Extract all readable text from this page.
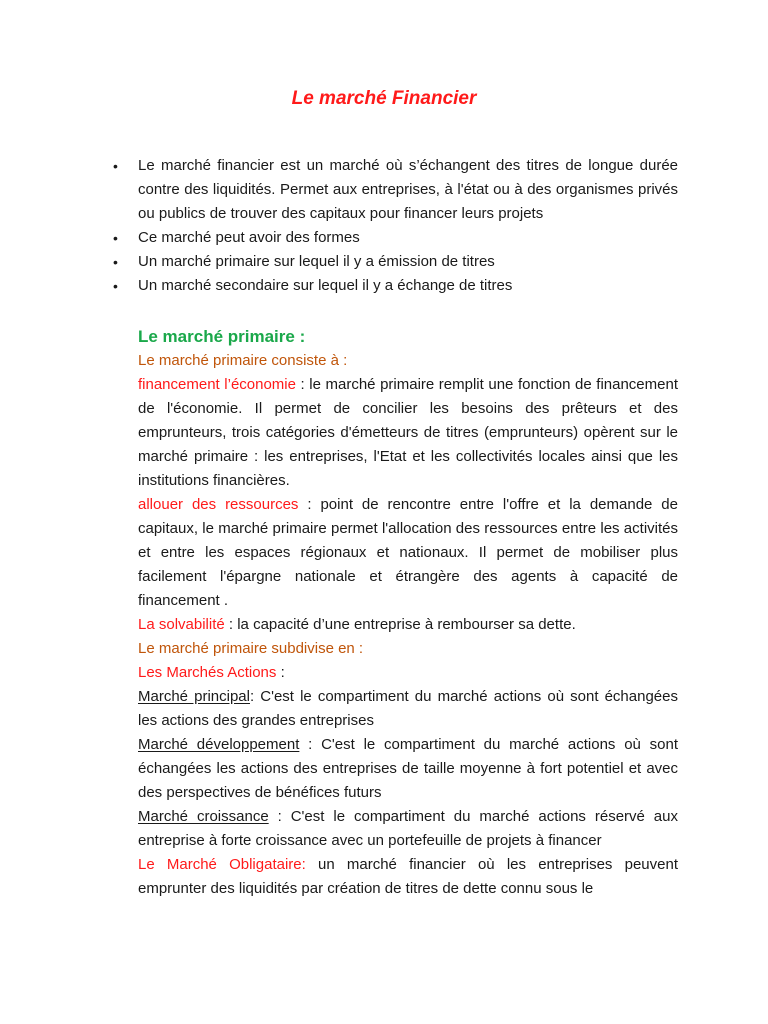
Le marché Financier
• Le marché financier est un marché où s’échangent des titres de longue durée contre des liquidités. Permet aux entreprises, à l'état ou à des organismes privés ou publics de trouver des capitaux pour financer leurs projets
• Ce marché peut avoir des formes
• Un marché primaire sur lequel il y a émission de titres
• Un marché secondaire sur lequel il y a échange de titres

Le marché primaire :

Le marché primaire consiste à :

financement l’économie : le marché primaire remplit une fonction de financement de l'économie. Il permet de concilier les besoins des prêteurs et des emprunteurs, trois catégories d'émetteurs de titres (emprunteurs) opèrent sur le marché primaire : les entreprises, l'Etat et les collectivités locales ainsi que les institutions financières.

allouer des ressources : point de rencontre entre l'offre et la demande de capitaux, le marché primaire permet l'allocation des ressources entre les activités et entre les espaces régionaux et nationaux. Il permet de mobiliser plus facilement l'épargne nationale et étrangère des agents à capacité de financement .

La solvabilité : la capacité d’une entreprise à rembourser sa dette.

Le marché primaire subdivise en :

Les Marchés Actions :

Marché principal: C'est le compartiment du marché actions où sont échangées les actions des grandes entreprises

Marché développement : C'est le compartiment du marché actions où sont échangées les actions des entreprises de taille moyenne à fort potentiel et avec des perspectives de bénéfices futurs

Marché croissance : C'est le compartiment du marché actions réservé aux entreprise à forte croissance avec un portefeuille de projets à financer

Le Marché Obligataire: un marché financier où les entreprises peuvent emprunter des liquidités par création de titres de dette connu sous le
